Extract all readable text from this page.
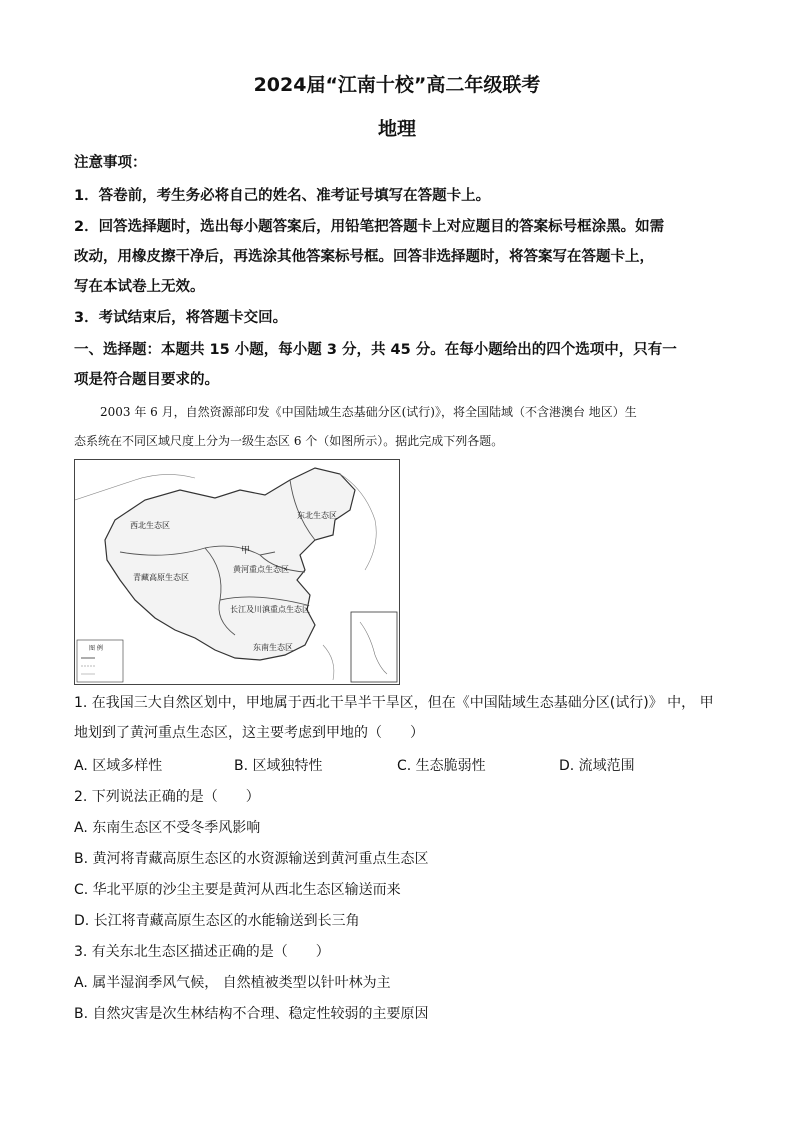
2024届“江南十校”高二年级联考
地理
注意事项：
1．答卷前，考生务必将自己的姓名、准考证号填写在答题卡上。
2．回答选择题时，选出每小题答案后，用铅笔把答题卡上对应题目的答案标号框涂黑。如需
改动，用橡皮擦干净后，再选涂其他答案标号框。回答非选择题时，将答案写在答题卡上，
写在本试卷上无效。
3．考试结束后，将答题卡交回。
一、选择题：本题共 15 小题，每小题 3 分，共 45 分。在每小题给出的四个选项中，只有一
项是符合题目要求的。
2003 年 6 月，自然资源部印发《中国陆域生态基础分区(试行)》，将全国陆域（不含港澳台 地区）生
态系统在不同区域尺度上分为一级生态区 6 个（如图所示）。据此完成下列各题。
图 例
西北生态区
东北生态区
甲
黄河重点生态区
青藏高原生态区
长江及川滇重点生态区
东南生态区
1. 在我国三大自然区划中，甲地属于西北干旱半干旱区，但在《中国陆域生态基础分区(试行)》 中， 甲
地划到了黄河重点生态区，这主要考虑到甲地的（　　）
A. 区域多样性	B. 区域独特性	C. 生态脆弱性	D. 流域范围
2. 下列说法正确的是（　　）
A. 东南生态区不受冬季风影响
B. 黄河将青藏高原生态区的水资源输送到黄河重点生态区
C. 华北平原的沙尘主要是黄河从西北生态区输送而来
D. 长江将青藏高原生态区的水能输送到长三角
3. 有关东北生态区描述正确的是（　　）
A. 属半湿润季风气候， 自然植被类型以针叶林为主
B. 自然灾害是次生林结构不合理、稳定性较弱的主要原因
